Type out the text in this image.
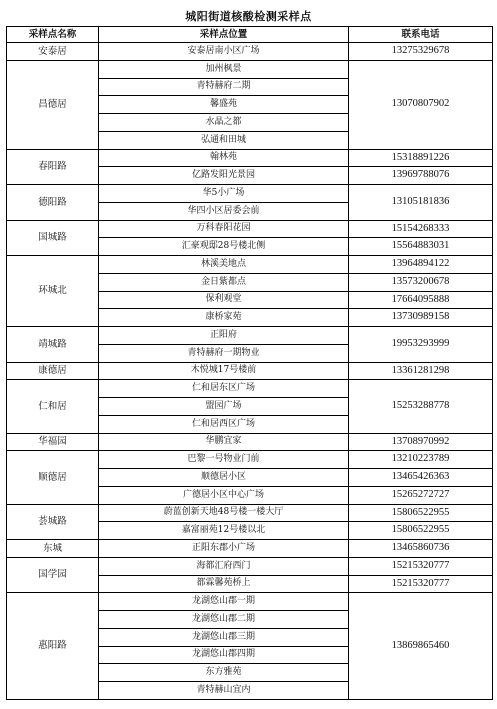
城阳街道核酸检测采样点
采样点名称	采样点位置	联系电话
安泰居	安泰居南小区广场	13275329678
昌德居	加州枫景	13070807902
	青特赫府二期	
	馨盛苑	
	水晶之都	
	弘通和田城	
春阳路	翰林苑	15318891226
	亿路发阳光景园	13969788076
德阳路	华5小广场	13105181836
	华四小区居委会前	
国城路	万科春阳花园	15154268333
	汇豪观邸28号楼北侧	15564883031
环城北	林溪美地点	13964894122
	金日紫都点	13573200678
	保利观堂	17664095888
	康桥家苑	13730989158
靖城路	正阳府	19953293999
	青特赫府一期物业	
康德居	木悦城17号楼前	13361281298
仁和居	仁和居东区广场	15253288778
	盟园广场	
	仁和居西区广场	
华福园	华鹏宜家	13708970992
顺德居	巴黎一号物业门前	13210223789
	顺德居小区	13465426363
	广德居小区中心广场	15265272727
荟城路	蔚蓝创新天地48号楼一楼大厅	15806522955
	嘉富丽苑12号楼以北	15806522955
东城	正阳东郡小广场	13465860736
国学园	海都汇府西门	15215320777
	都霖馨苑桥上	15215320777
惠阳路	龙湖悠山郡一期	13869865460
	龙湖悠山郡二期	
	龙湖悠山郡三期	
	龙湖悠山郡四期	
	东方雅苑	
	青特赫山宜内	
